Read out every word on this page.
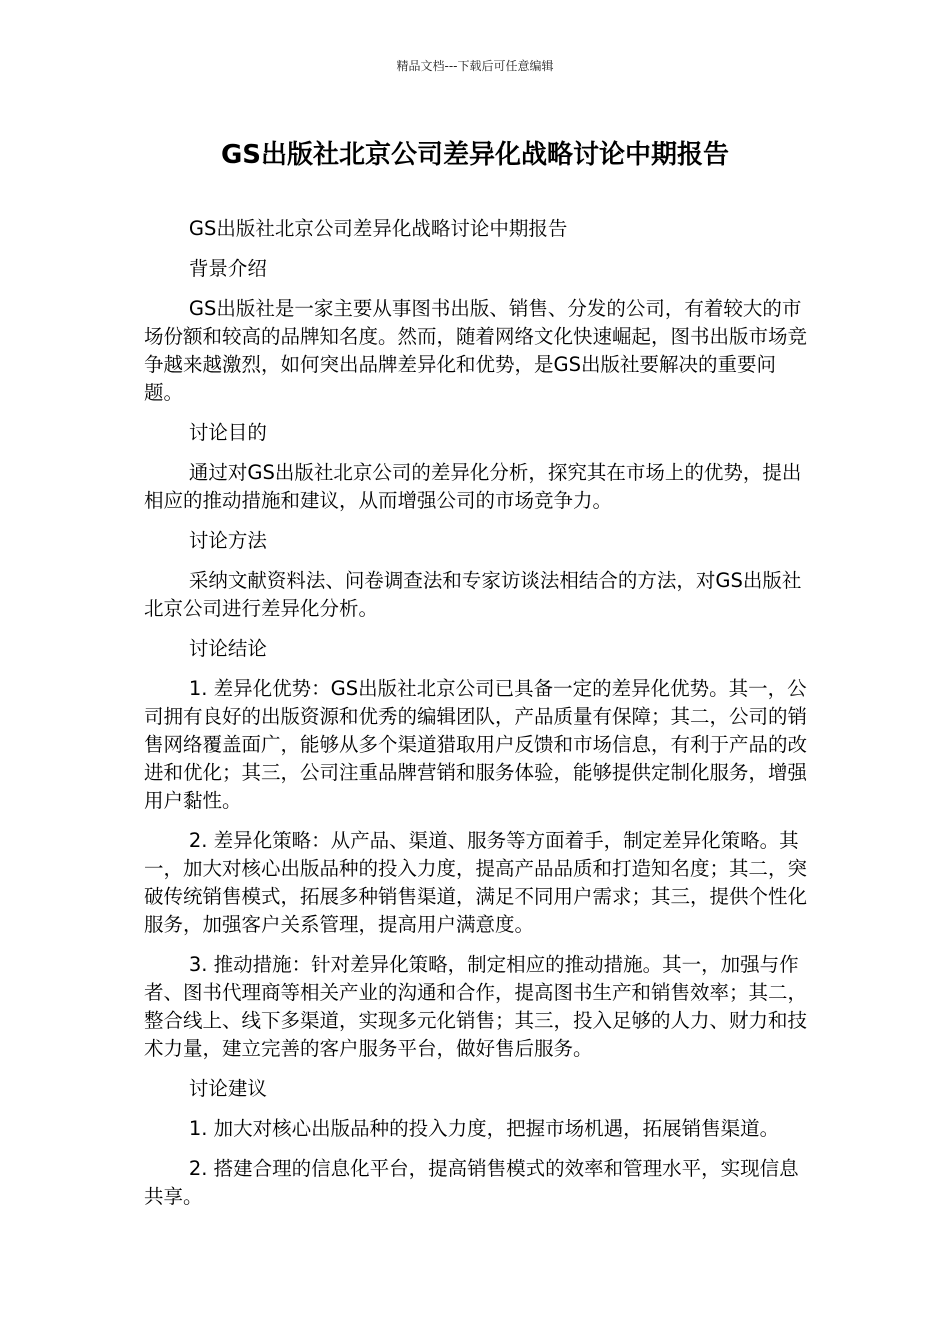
精品文档---下载后可任意编辑
GS出版社北京公司差异化战略讨论中期报告

GS出版社北京公司差异化战略讨论中期报告

背景介绍

GS出版社是一家主要从事图书出版、销售、分发的公司，有着较大的市场份额和较高的品牌知名度。然而，随着网络文化快速崛起，图书出版市场竞争越来越激烈，如何突出品牌差异化和优势，是GS出版社要解决的重要问题。

讨论目的

通过对GS出版社北京公司的差异化分析，探究其在市场上的优势，提出相应的推动措施和建议，从而增强公司的市场竞争力。

讨论方法

采纳文献资料法、问卷调查法和专家访谈法相结合的方法，对GS出版社北京公司进行差异化分析。

讨论结论

1. 差异化优势：GS出版社北京公司已具备一定的差异化优势。其一，公司拥有良好的出版资源和优秀的编辑团队，产品质量有保障；其二，公司的销售网络覆盖面广，能够从多个渠道猎取用户反馈和市场信息，有利于产品的改进和优化；其三，公司注重品牌营销和服务体验，能够提供定制化服务，增强用户黏性。

2. 差异化策略：从产品、渠道、服务等方面着手，制定差异化策略。其一，加大对核心出版品种的投入力度，提高产品品质和打造知名度；其二，突破传统销售模式，拓展多种销售渠道，满足不同用户需求；其三，提供个性化服务，加强客户关系管理，提高用户满意度。

3. 推动措施：针对差异化策略，制定相应的推动措施。其一，加强与作者、图书代理商等相关产业的沟通和合作，提高图书生产和销售效率；其二，整合线上、线下多渠道，实现多元化销售；其三，投入足够的人力、财力和技术力量，建立完善的客户服务平台，做好售后服务。

讨论建议

1. 加大对核心出版品种的投入力度，把握市场机遇，拓展销售渠道。

2. 搭建合理的信息化平台，提高销售模式的效率和管理水平，实现信息共享。
